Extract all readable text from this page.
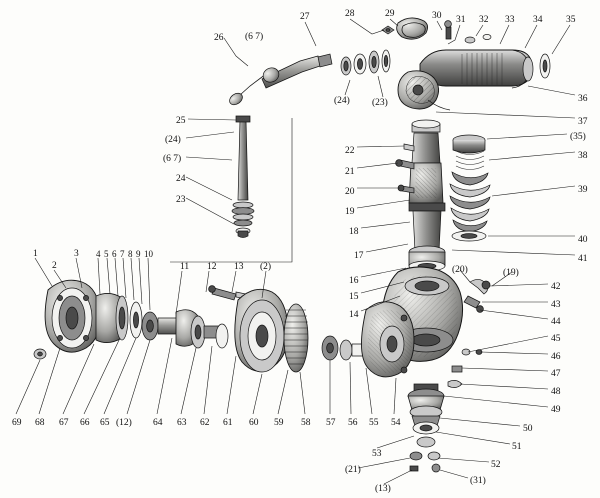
27	28	29	30 31 32 33 34 35
26 (6 7)
(24) (23)	36
37
(35)
38
39
40
41
25
(24)
(6 7)
24
23
22
21
20
19
18
17
16
15
14
(20)	(19)
42
43
44
45
46
47
48
49
50
51
52
(31)
(13)
(21)
53
54
55
56
57
58
59
60
61
62
63
64
(12)
65
66
67
68
69
1
2
3 4 5 6 7 8 9 10
11 12 13 (2)
